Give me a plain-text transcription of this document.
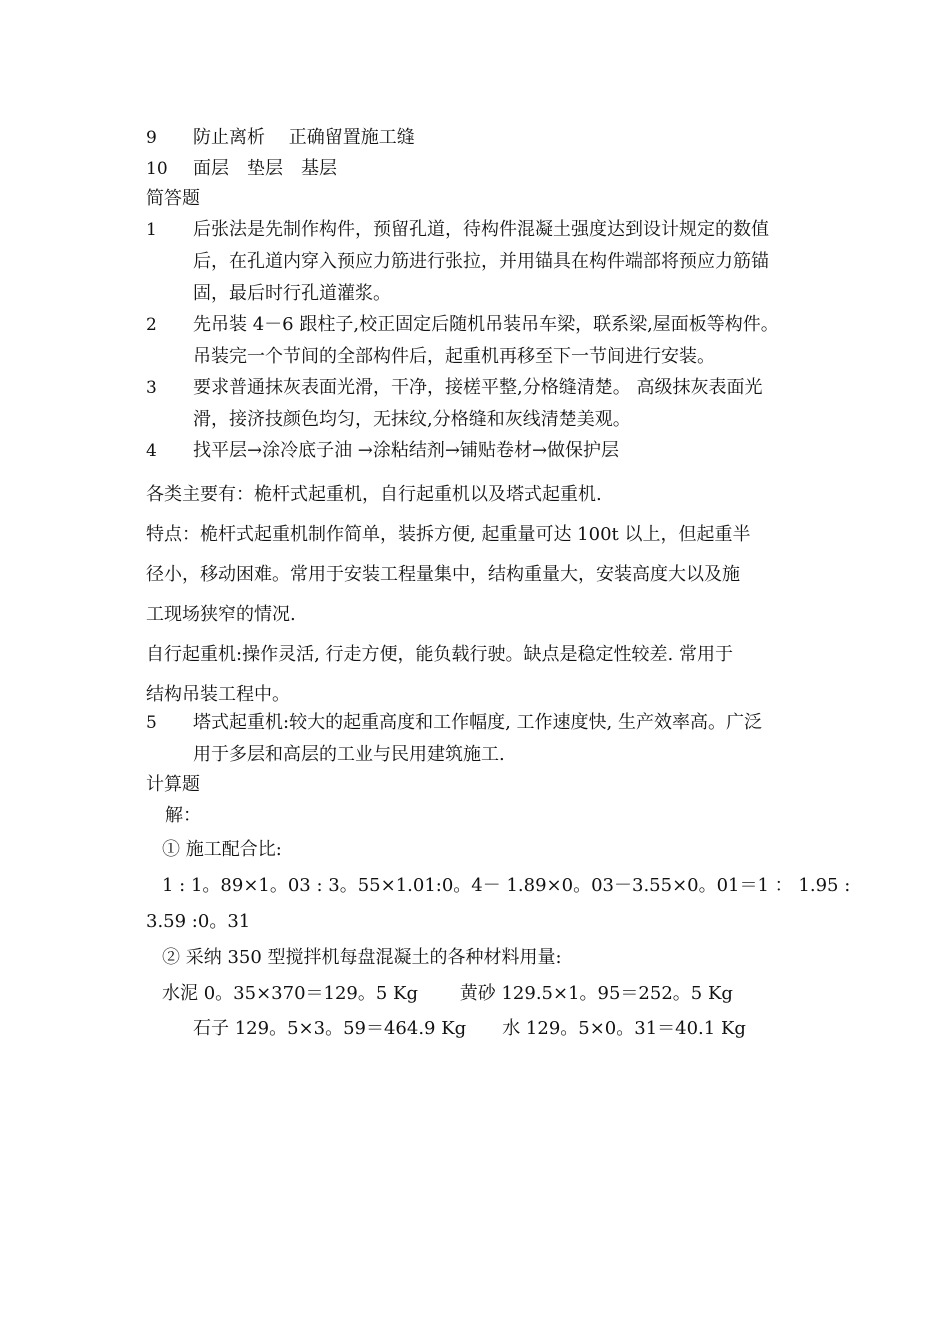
9 防止离析　 正确留置施工缝
10 面层　垫层　基层
简答题
1 后张法是先制作构件，预留孔道，待构件混凝土强度达到设计规定的数值
后，在孔道内穿入预应力筋进行张拉，并用锚具在构件端部将预应力筋锚
固，最后时行孔道灌浆。
2 先吊装 4－6 跟柱子,校正固定后随机吊装吊车梁，联系梁,屋面板等构件。
吊装完一个节间的全部构件后，起重机再移至下一节间进行安装。
3 要求普通抹灰表面光滑，干净，接槎平整,分格缝清楚。 高级抹灰表面光
滑，接济技颜色均匀，无抹纹,分格缝和灰线清楚美观。
4 找平层→涂冷底子油 →涂粘结剂→铺贴卷材→做保护层
各类主要有：桅杆式起重机，自行起重机以及塔式起重机.
特点：桅杆式起重机制作简单，装拆方便, 起重量可达 100t 以上，但起重半
径小，移动困难。常用于安装工程量集中，结构重量大，安装高度大以及施
工现场狭窄的情况.
自行起重机:操作灵活, 行走方便，能负载行驶。缺点是稳定性较差. 常用于
结构吊装工程中。
5 塔式起重机:较大的起重高度和工作幅度, 工作速度快, 生产效率高。广泛
用于多层和高层的工业与民用建筑施工.
计算题
解：
① 施工配合比:
1 : 1。89×1。03 : 3。55×1.01:0。4－ 1.89×0。03－3.55×0。01＝1 ： 1.95 :
3.59 :0。31
② 采纳 350 型搅拌机每盘混凝土的各种材料用量:
水泥 0。35×370＝129。5 Kg　　 黄砂 129.5×1。95＝252。5 Kg
石子 129。5×3。59＝464.9 Kg　　水 129。5×0。31＝40.1 Kg
